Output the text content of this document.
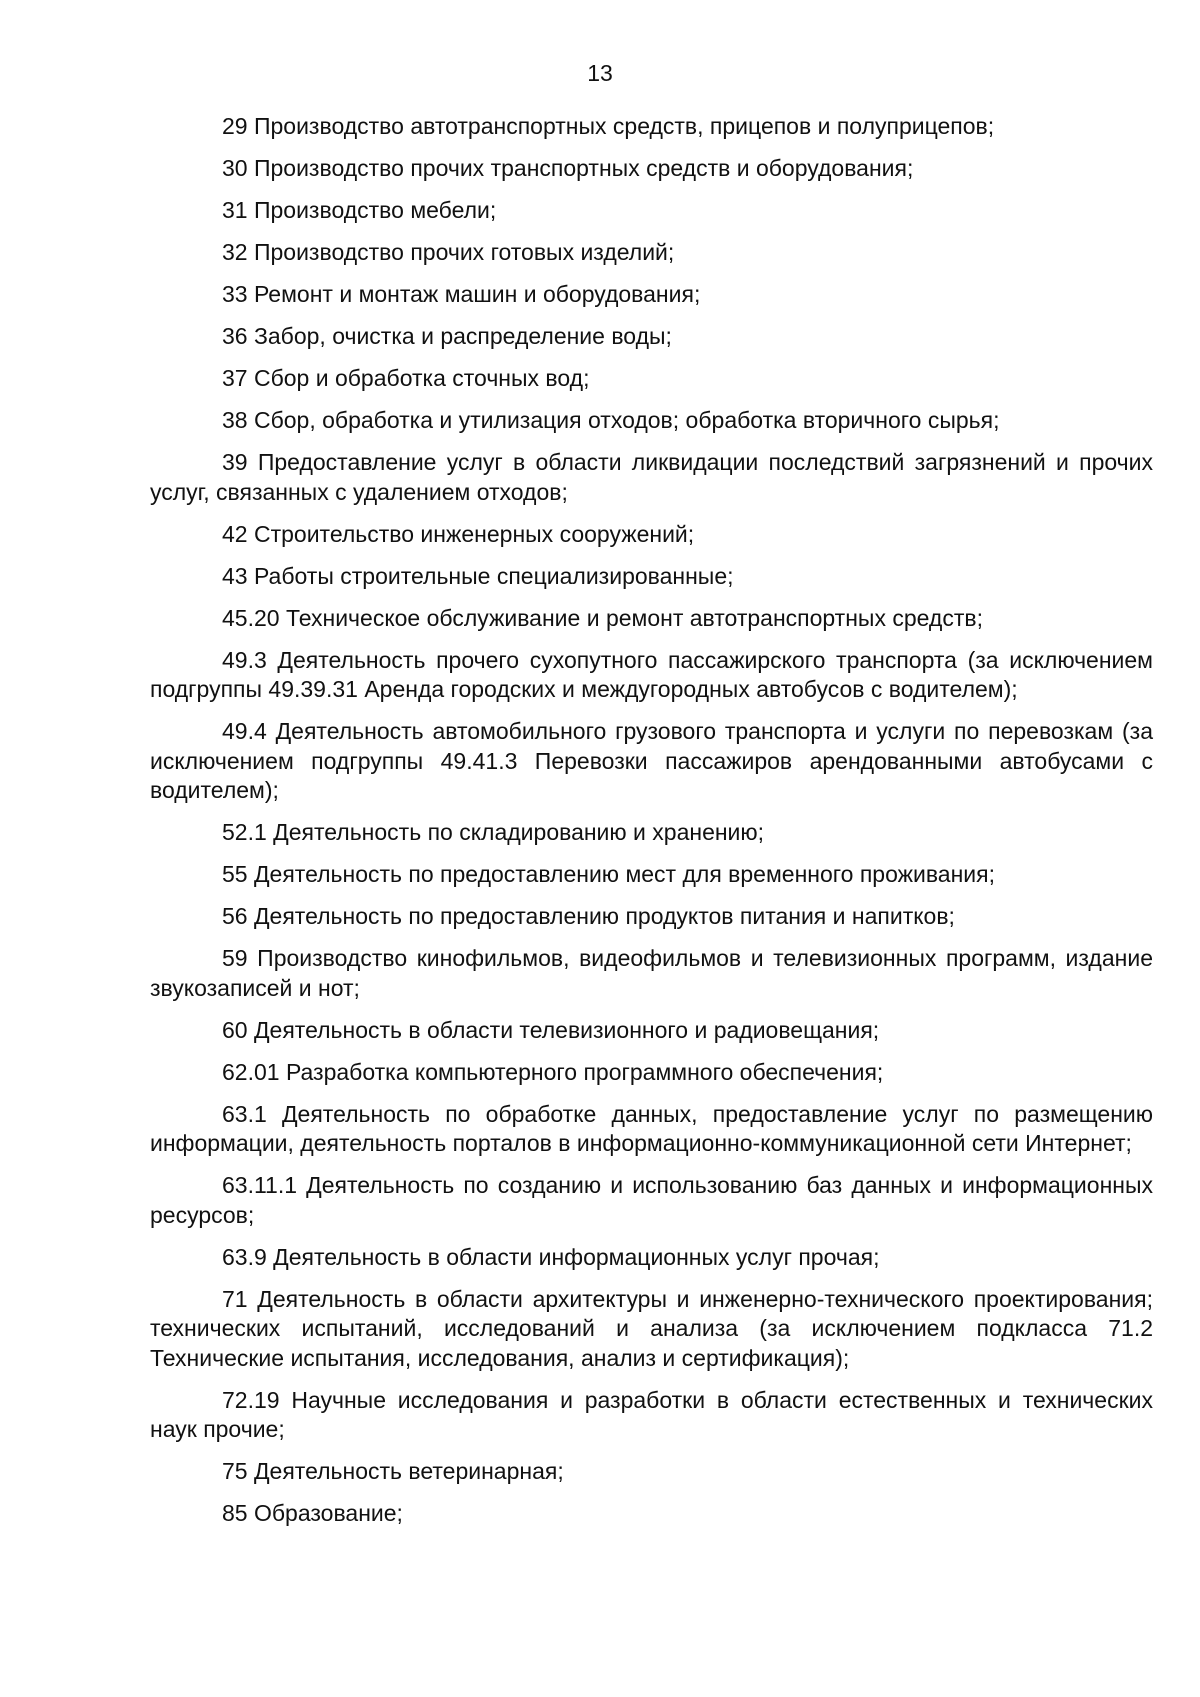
13

29 Производство автотранспортных средств, прицепов и полуприцепов;

30 Производство прочих транспортных средств и оборудования;

31 Производство мебели;

32 Производство прочих готовых изделий;

33 Ремонт и монтаж машин и оборудования;

36 Забор, очистка и распределение воды;

37 Сбор и обработка сточных вод;

38 Сбор, обработка и утилизация отходов; обработка вторичного сырья;

39 Предоставление услуг в области ликвидации последствий загрязнений и прочих услуг, связанных с удалением отходов;

42 Строительство инженерных сооружений;

43 Работы строительные специализированные;

45.20 Техническое обслуживание и ремонт автотранспортных средств;

49.3 Деятельность прочего сухопутного пассажирского транспорта (за исключением подгруппы 49.39.31 Аренда городских и междугородных автобусов с водителем);

49.4 Деятельность автомобильного грузового транспорта и услуги по перевозкам (за исключением подгруппы 49.41.3 Перевозки пассажиров арендованными автобусами с водителем);

52.1 Деятельность по складированию и хранению;

55 Деятельность по предоставлению мест для временного проживания;

56 Деятельность по предоставлению продуктов питания и напитков;

59 Производство кинофильмов, видеофильмов и телевизионных программ, издание звукозаписей и нот;

60 Деятельность в области телевизионного и радиовещания;

62.01 Разработка компьютерного программного обеспечения;

63.1 Деятельность по обработке данных, предоставление услуг по размещению информации, деятельность порталов в информационно-коммуникационной сети Интернет;

63.11.1 Деятельность по созданию и использованию баз данных и информационных ресурсов;

63.9 Деятельность в области информационных услуг прочая;

71 Деятельность в области архитектуры и инженерно-технического проектирования; технических испытаний, исследований и анализа (за исключением подкласса 71.2 Технические испытания, исследования, анализ и сертификация);

72.19 Научные исследования и разработки в области естественных и технических наук прочие;

75 Деятельность ветеринарная;

85 Образование;
